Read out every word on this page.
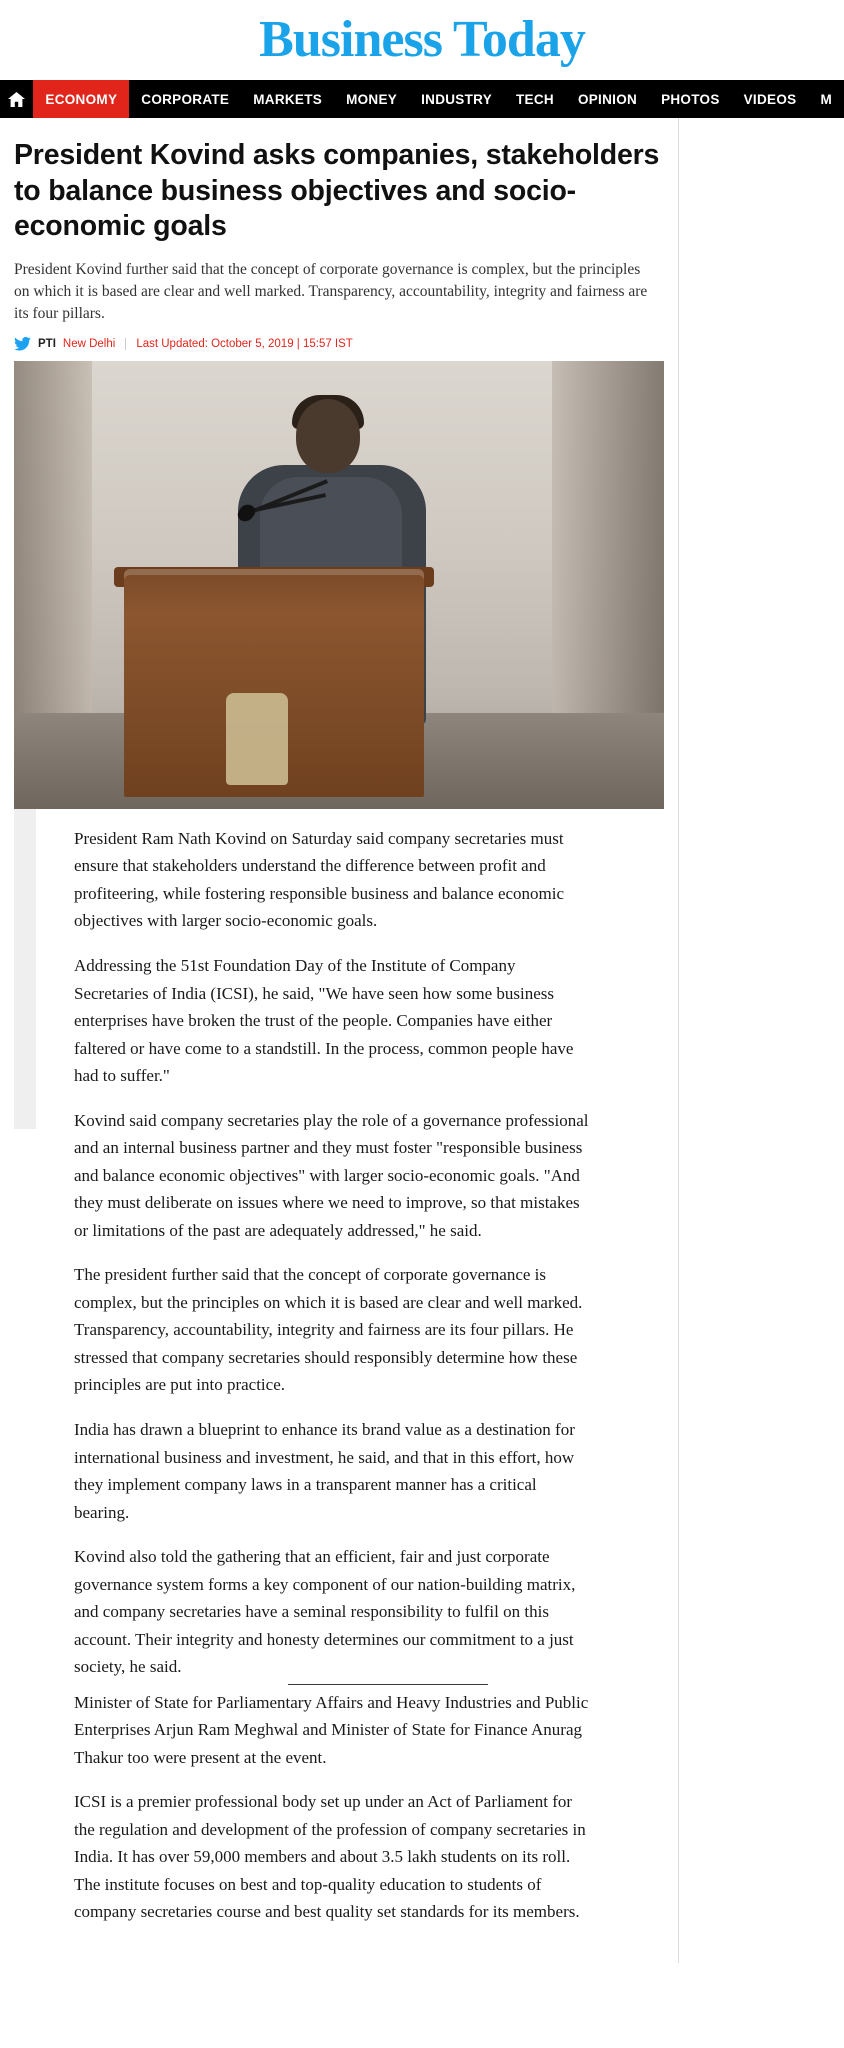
Business Today
ECONOMY	CORPORATE	MARKETS	MONEY	INDUSTRY	TECH	OPINION	PHOTOS	VIDEOS	M
President Kovind asks companies, stakeholders to balance business objectives and socio-economic goals

President Kovind further said that the concept of corporate governance is complex, but the principles on which it is based are clear and well marked. Transparency, accountability, integrity and fairness are its four pillars.

PTI New Delhi Last Updated: October 5, 2019 | 15:57 IST

President Ram Nath Kovind on Saturday said company secretaries must ensure that stakeholders understand the difference between profit and profiteering, while fostering responsible business and balance economic objectives with larger socio-economic goals.

Addressing the 51st Foundation Day of the Institute of Company Secretaries of India (ICSI), he said, "We have seen how some business enterprises have broken the trust of the people. Companies have either faltered or have come to a standstill. In the process, common people have had to suffer."

Kovind said company secretaries play the role of a governance professional and an internal business partner and they must foster "responsible business and balance economic objectives" with larger socio-economic goals. "And they must deliberate on issues where we need to improve, so that mistakes or limitations of the past are adequately addressed," he said.

The president further said that the concept of corporate governance is complex, but the principles on which it is based are clear and well marked. Transparency, accountability, integrity and fairness are its four pillars. He stressed that company secretaries should responsibly determine how these principles are put into practice.

India has drawn a blueprint to enhance its brand value as a destination for international business and investment, he said, and that in this effort, how they implement company laws in a transparent manner has a critical bearing.

Kovind also told the gathering that an efficient, fair and just corporate governance system forms a key component of our nation-building matrix, and company secretaries have a seminal responsibility to fulfil on this account. Their integrity and honesty determines our commitment to a just society, he said.

Minister of State for Parliamentary Affairs and Heavy Industries and Public Enterprises Arjun Ram Meghwal and Minister of State for Finance Anurag Thakur too were present at the event.

ICSI is a premier professional body set up under an Act of Parliament for the regulation and development of the profession of company secretaries in India. It has over 59,000 members and about 3.5 lakh students on its roll. The institute focuses on best and top-quality education to students of company secretaries course and best quality set standards for its members.
